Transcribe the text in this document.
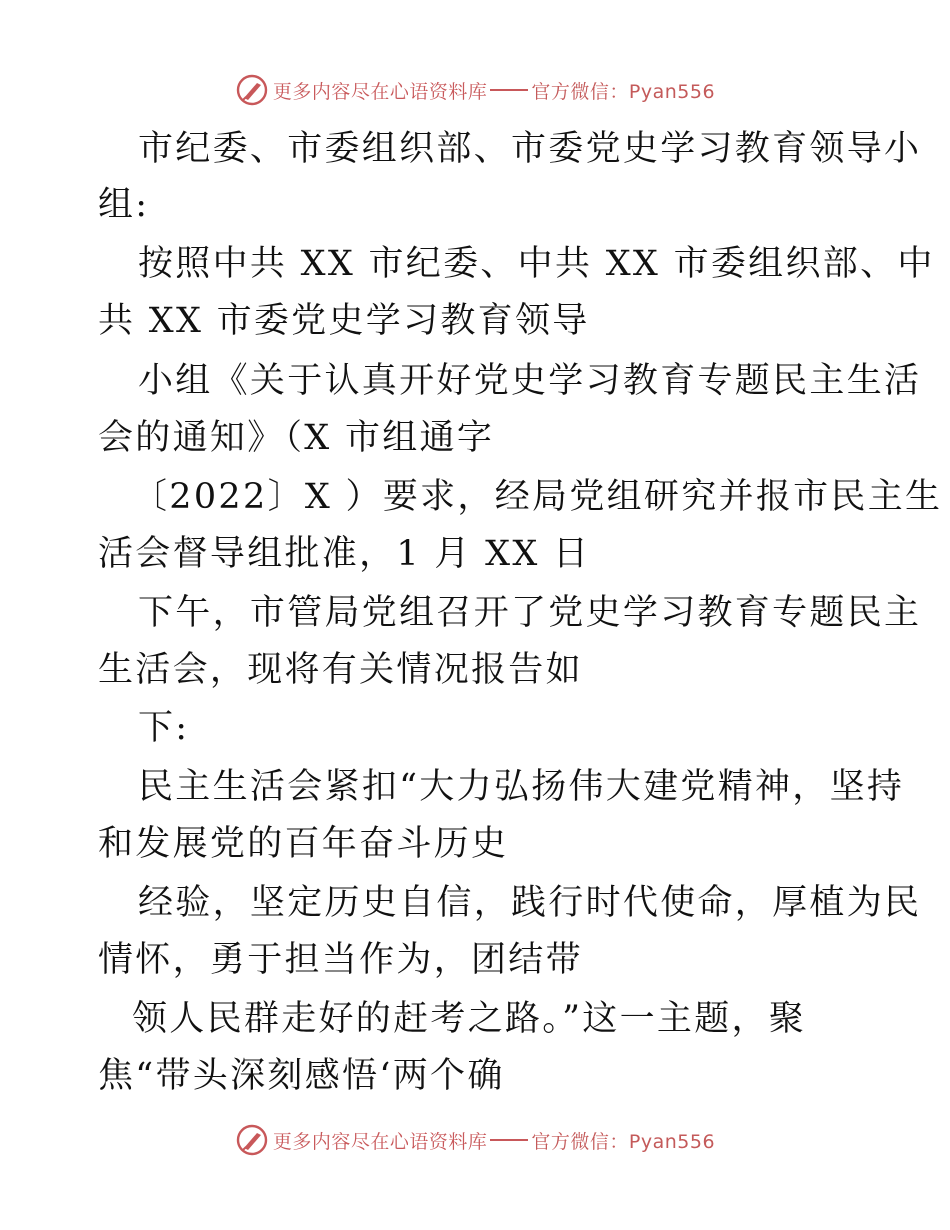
更多内容尽在心语资料库 官方微信：Pyan556
市纪委、市委组织部、市委党史学习教育领导小
组:
按照中共 XX 市纪委、中共 XX 市委组织部、中
共 XX 市委党史学习教育领导
小组《关于认真开好党史学习教育专题民主生活
会的通知》（X 市组通字
〔2022〕X ）要求，经局党组研究并报市民主生
活会督导组批准，1 月 XX 日
下午，市管局党组召开了党史学习教育专题民主
生活会，现将有关情况报告如
下:
民主生活会紧扣“大力弘扬伟大建党精神，坚持
和发展党的百年奋斗历史
经验，坚定历史自信，践行时代使命，厚植为民
情怀，勇于担当作为，团结带
领人民群走好的赶考之路。”这一主题，聚
焦“带头深刻感悟‘两个确
更多内容尽在心语资料库 官方微信：Pyan556
